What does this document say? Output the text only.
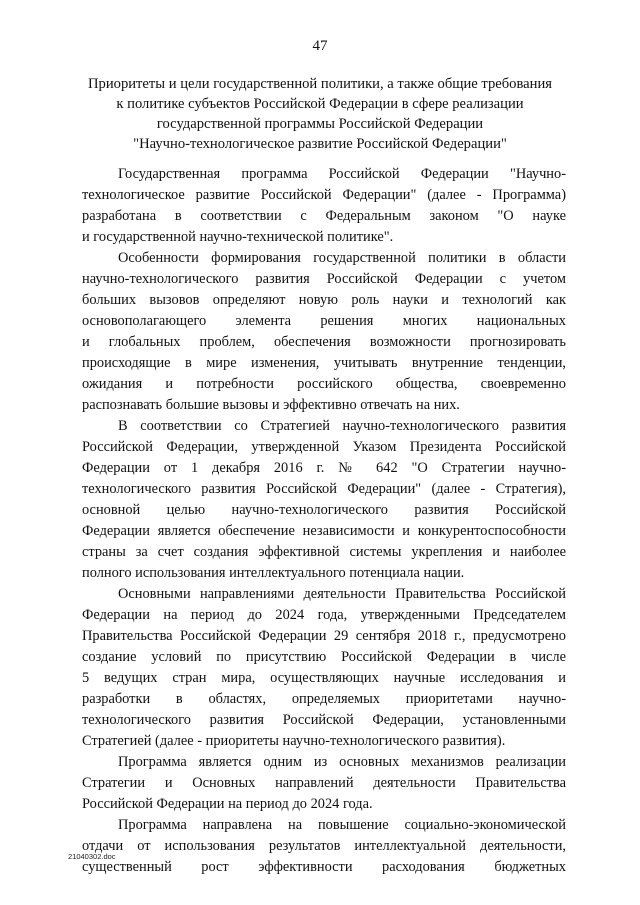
47
Приоритеты и цели государственной политики, а также общие требования
к политике субъектов Российской Федерации в сфере реализации
государственной программы Российской Федерации
"Научно-технологическое развитие Российской Федерации"
Государственная программа Российской Федерации "Научно-
технологическое развитие Российской Федерации" (далее - Программа)
разработана в соответствии с Федеральным законом "О науке
и государственной научно-технической политике".
Особенности формирования государственной политики в области
научно-технологического развития Российской Федерации с учетом
больших вызовов определяют новую роль науки и технологий как
основополагающего элемента решения многих национальных
и глобальных проблем, обеспечения возможности прогнозировать
происходящие в мире изменения, учитывать внутренние тенденции,
ожидания и потребности российского общества, своевременно
распознавать большие вызовы и эффективно отвечать на них.
В соответствии со Стратегией научно-технологического развития
Российской Федерации, утвержденной Указом Президента Российской
Федерации от 1 декабря 2016 г. № 642 "О Стратегии научно-
технологического развития Российской Федерации" (далее - Стратегия),
основной целью научно-технологического развития Российской
Федерации является обеспечение независимости и конкурентоспособности
страны за счет создания эффективной системы укрепления и наиболее
полного использования интеллектуального потенциала нации.
Основными направлениями деятельности Правительства Российской
Федерации на период до 2024 года, утвержденными Председателем
Правительства Российской Федерации 29 сентября 2018 г., предусмотрено
создание условий по присутствию Российской Федерации в числе
5 ведущих стран мира, осуществляющих научные исследования и
разработки в областях, определяемых приоритетами научно-
технологического развития Российской Федерации, установленными
Стратегией (далее - приоритеты научно-технологического развития).
Программа является одним из основных механизмов реализации
Стратегии и Основных направлений деятельности Правительства
Российской Федерации на период до 2024 года.
Программа направлена на повышение социально-экономической
отдачи от использования результатов интеллектуальной деятельности,
существенный рост эффективности расходования бюджетных
21040302.doc
